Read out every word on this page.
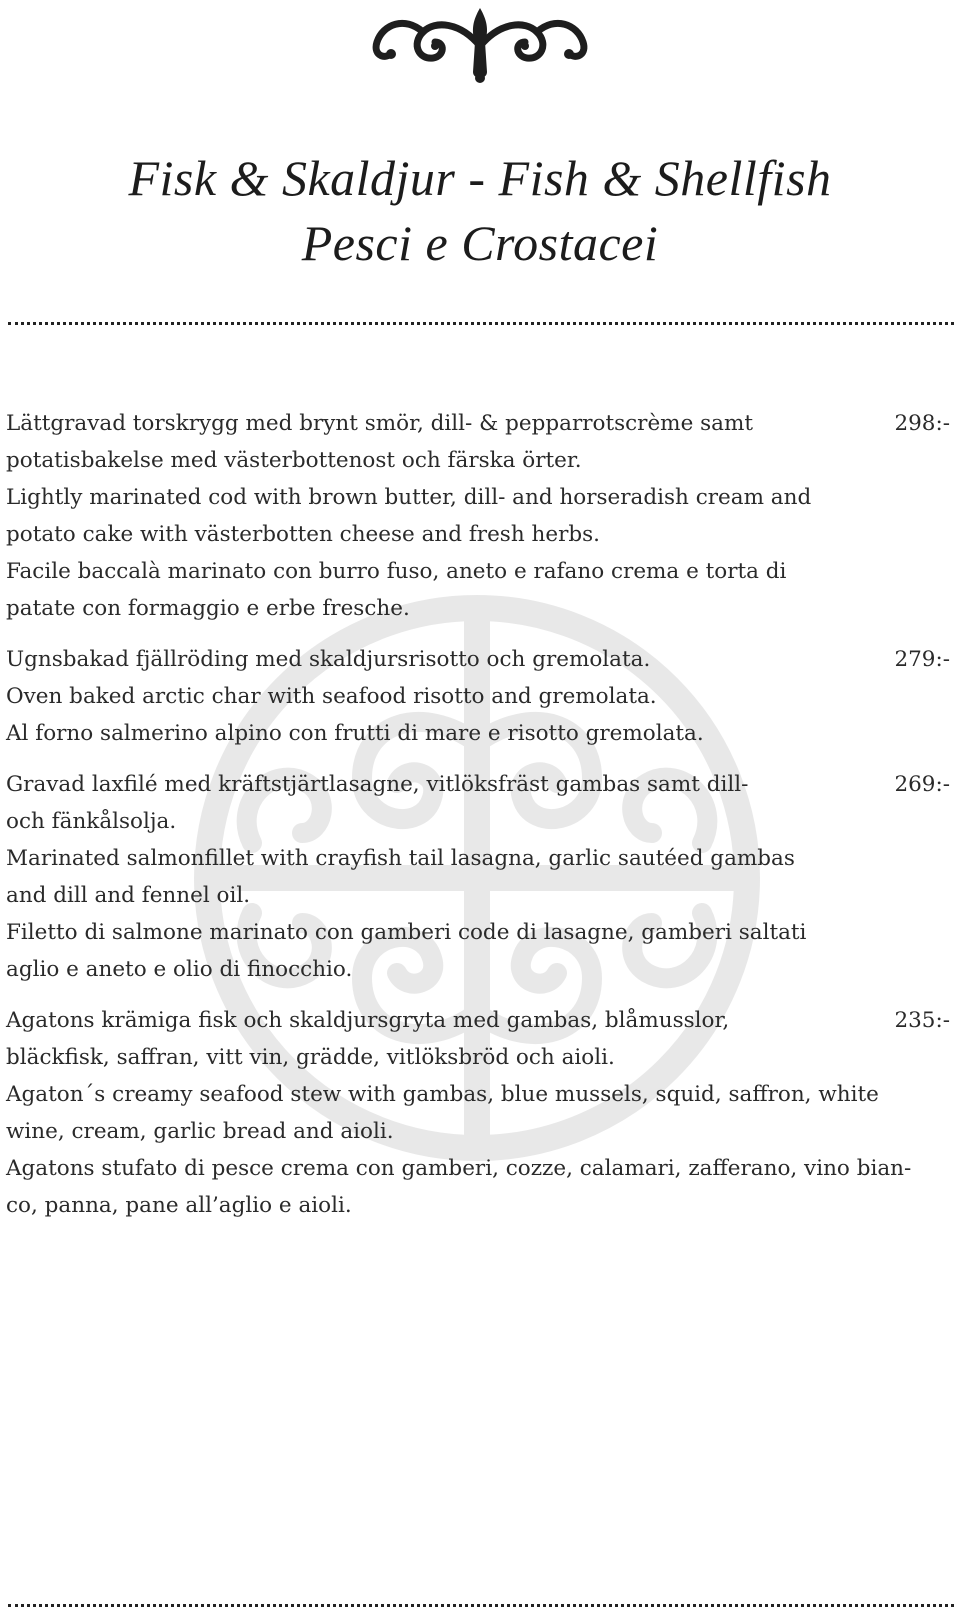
Fisk & Skaldjur - Fish & Shellfish
Pesci e Crostacei
298:-
Lättgravad torskrygg med brynt smör, dill- & pepparrotscrème samt
potatisbakelse med västerbottenost och färska örter.
Lightly marinated cod with brown butter, dill- and horseradish cream and
potato cake with västerbotten cheese and fresh herbs.
Facile baccalà marinato con burro fuso, aneto e rafano crema e torta di
patate con formaggio e erbe fresche.
279:-
Ugnsbakad fjällröding med skaldjursrisotto och gremolata.
Oven baked arctic char with seafood risotto and gremolata.
Al forno salmerino alpino con frutti di mare e risotto gremolata.
269:-
Gravad laxfilé med kräftstjärtlasagne, vitlöksfräst gambas samt dill-
och fänkålsolja.
Marinated salmonfillet with crayfish tail lasagna, garlic sautéed gambas
and dill and fennel oil.
Filetto di salmone marinato con gamberi code di lasagne, gamberi saltati
aglio e aneto e olio di finocchio.
235:-
Agatons krämiga fisk och skaldjursgryta med gambas, blåmusslor,
bläckfisk, saffran, vitt vin, grädde, vitlöksbröd och aioli.
Agaton´s creamy seafood stew with gambas, blue mussels, squid, saffron, white
wine, cream, garlic bread and aioli.
Agatons stufato di pesce crema con gamberi, cozze, calamari, zafferano, vino bian-
co, panna, pane all’aglio e aioli.
